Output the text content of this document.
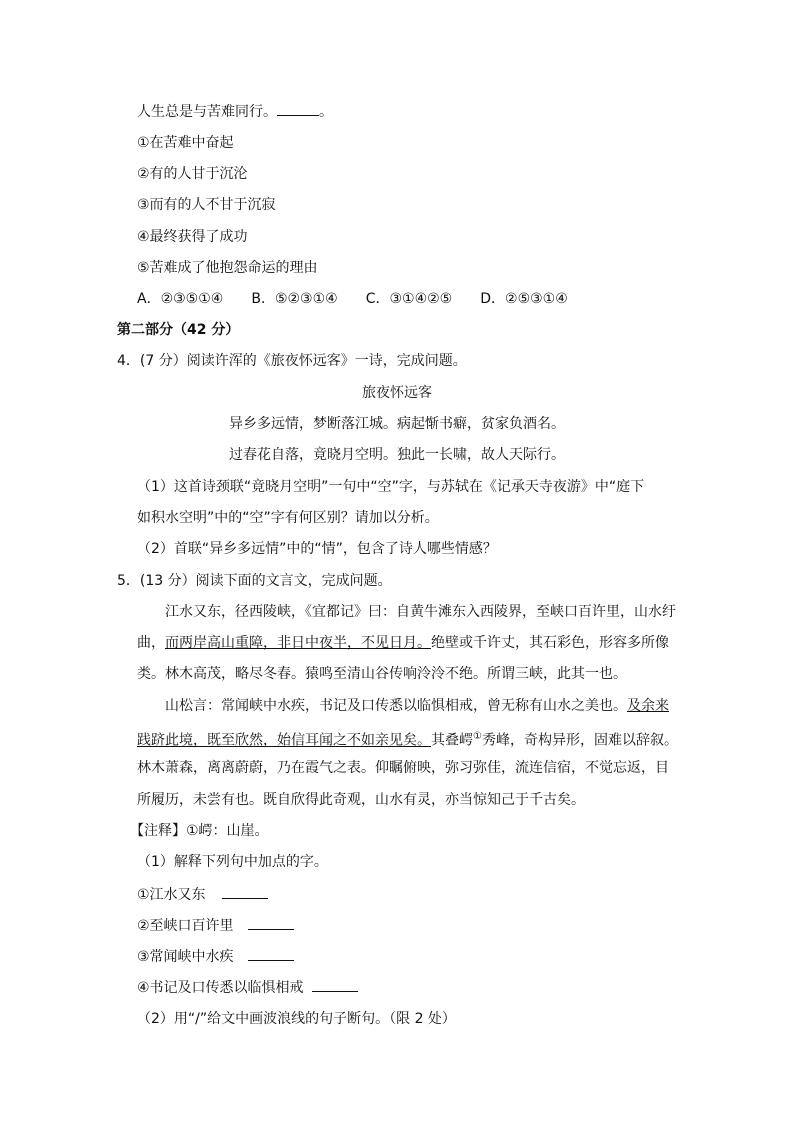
人生总是与苦难同行。	。
①在苦难中奋起
②有的人甘于沉沦
③而有的人不甘于沉寂
④最终获得了成功
⑤苦难成了他抱怨命运的理由
A．②③⑤①④ B．⑤②③①④ C．③①④②⑤ D．②⑤③①④
第二部分（42 分）
4．(7 分）阅读许浑的《旅夜怀远客》一诗，完成问题。
旅夜怀远客
异乡多远情，梦断落江城。病起惭书癖，贫家负酒名。
过春花自落，竟晓月空明。独此一长啸，故人天际行。
（1）这首诗颈联“竟晓月空明”一句中“空”字，与苏轼在《记承天寺夜游》中“庭下
如积水空明”中的“空”字有何区别？请加以分析。
（2）首联“异乡多远情”中的“情”，包含了诗人哪些情感？
5．(13 分）阅读下面的文言文，完成问题。
江水又东，径西陵峡，《宜都记》曰：自黄牛滩东入西陵界，至峡口百许里，山水纡
曲，而两岸高山重障，非日中夜半，不见日月。绝壁或千许丈，其石彩色，形容多所像
类。林木高茂，略尽冬春。猿鸣至清山谷传响泠泠不绝。所谓三峡，此其一也。
山松言：常闻峡中水疾，书记及口传悉以临惧相戒，曾无称有山水之美也。及余来
践跻此境，既至欣然，始信耳闻之不如亲见矣。其叠崿①秀峰，奇构异形，固难以辞叙。
林木萧森，离离蔚蔚，乃在霞气之表。仰瞩俯映，弥习弥佳，流连信宿，不觉忘返，目
所履历，未尝有也。既自欣得此奇观，山水有灵，亦当惊知己于千古矣。
【注释】①崿：山崖。
（1）解释下列句中加点的字。
①江水又东
②至峡口百许里
③常闻峡中水疾
④书记及口传悉以临惧相戒
（2）用“/”给文中画波浪线的句子断句。（限 2 处）
